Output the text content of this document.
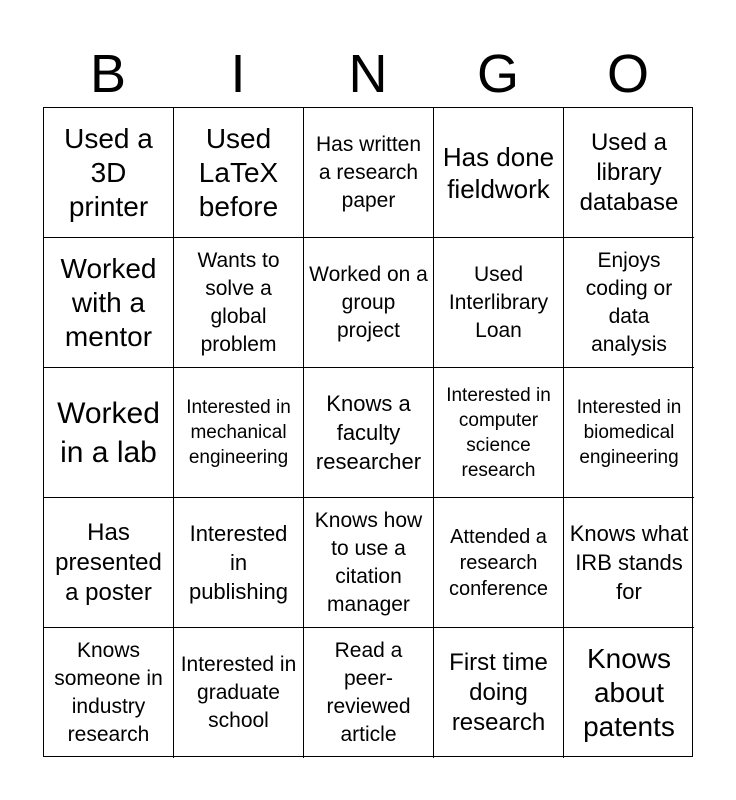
B	I	N	G	O
Used a 3D printer
Used LaTeX before
Has written a research paper
Has done fieldwork
Used a library database
Worked with a mentor
Wants to solve a global problem
Worked on a group project
Used Interlibrary Loan
Enjoys coding or data analysis
Worked in a lab
Interested in mechanical engineering
Knows a faculty researcher
Interested in computer science research
Interested in biomedical engineering
Has presented a poster
Interested in publishing
Knows how to use a citation manager
Attended a research conference
Knows what IRB stands for
Knows someone in industry research
Interested in graduate school
Read a peer-reviewed article
First time doing research
Knows about patents
